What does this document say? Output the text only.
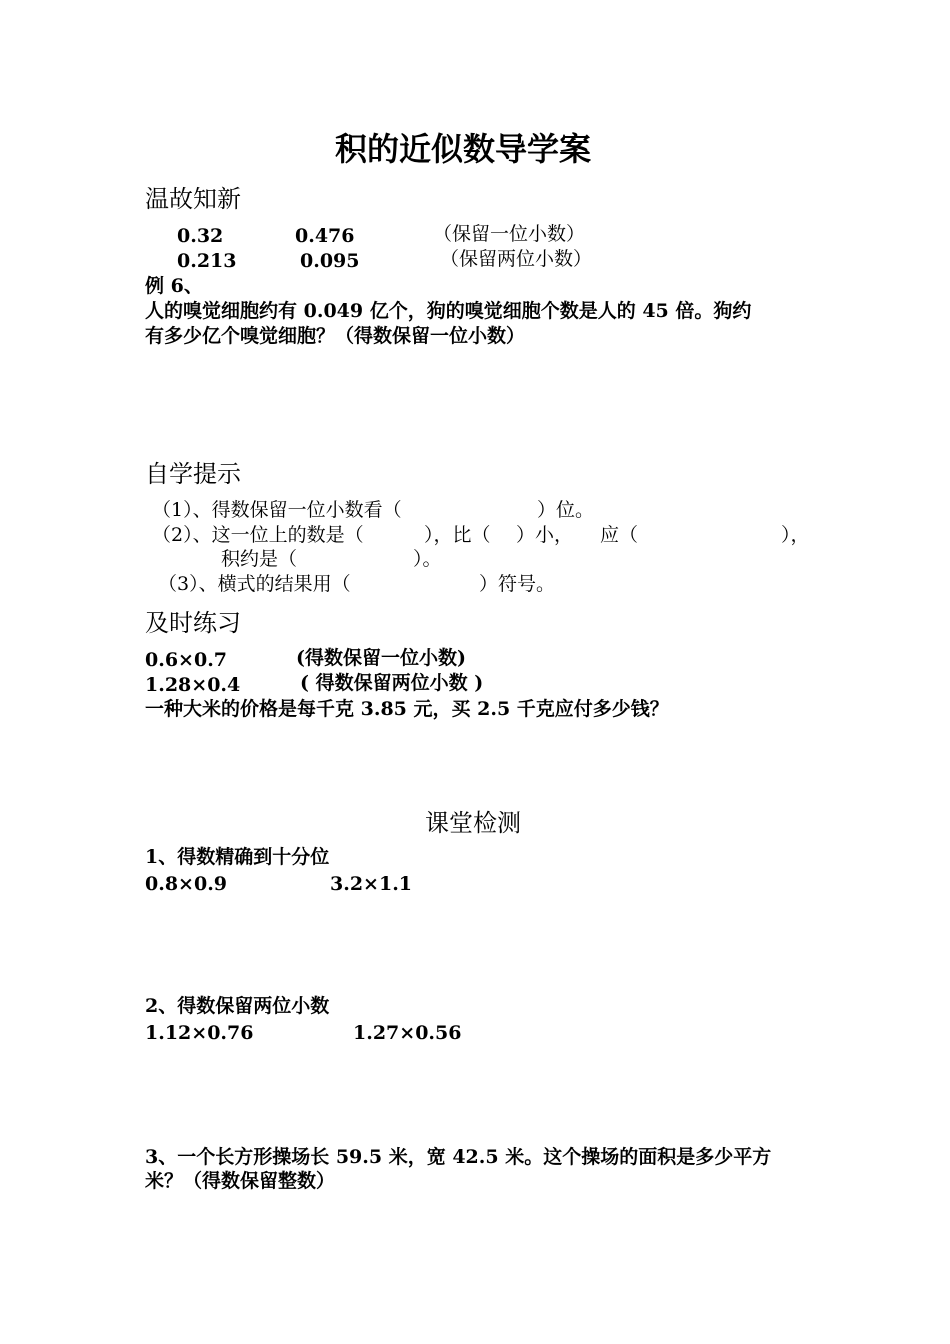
积的近似数导学案
温故知新
0.32	0.476	（保留一位小数）
0.213	0.095	（保留两位小数）
例 6、
人的嗅觉细胞约有 0.049 亿个，狗的嗅觉细胞个数是人的 45 倍。狗约
有多少亿个嗅觉细胞？（得数保留一位小数）
自学提示
（1）、得数保留一位小数看（	）位。
（2）、这一位上的数是（	），比（ ）小， 应（	），
积约是（	）。
（3）、横式的结果用（	）符号。
及时练习
0.6×0.7	(得数保留一位小数)
1.28×0.4	( 得数保留两位小数 )
一种大米的价格是每千克 3.85 元，买 2.5 千克应付多少钱？
课堂检测
1、得数精确到十分位
0.8×0.9	3.2×1.1
2、得数保留两位小数
1.12×0.76	1.27×0.56
3、一个长方形操场长 59.5 米，宽 42.5 米。这个操场的面积是多少平方
米？（得数保留整数）
